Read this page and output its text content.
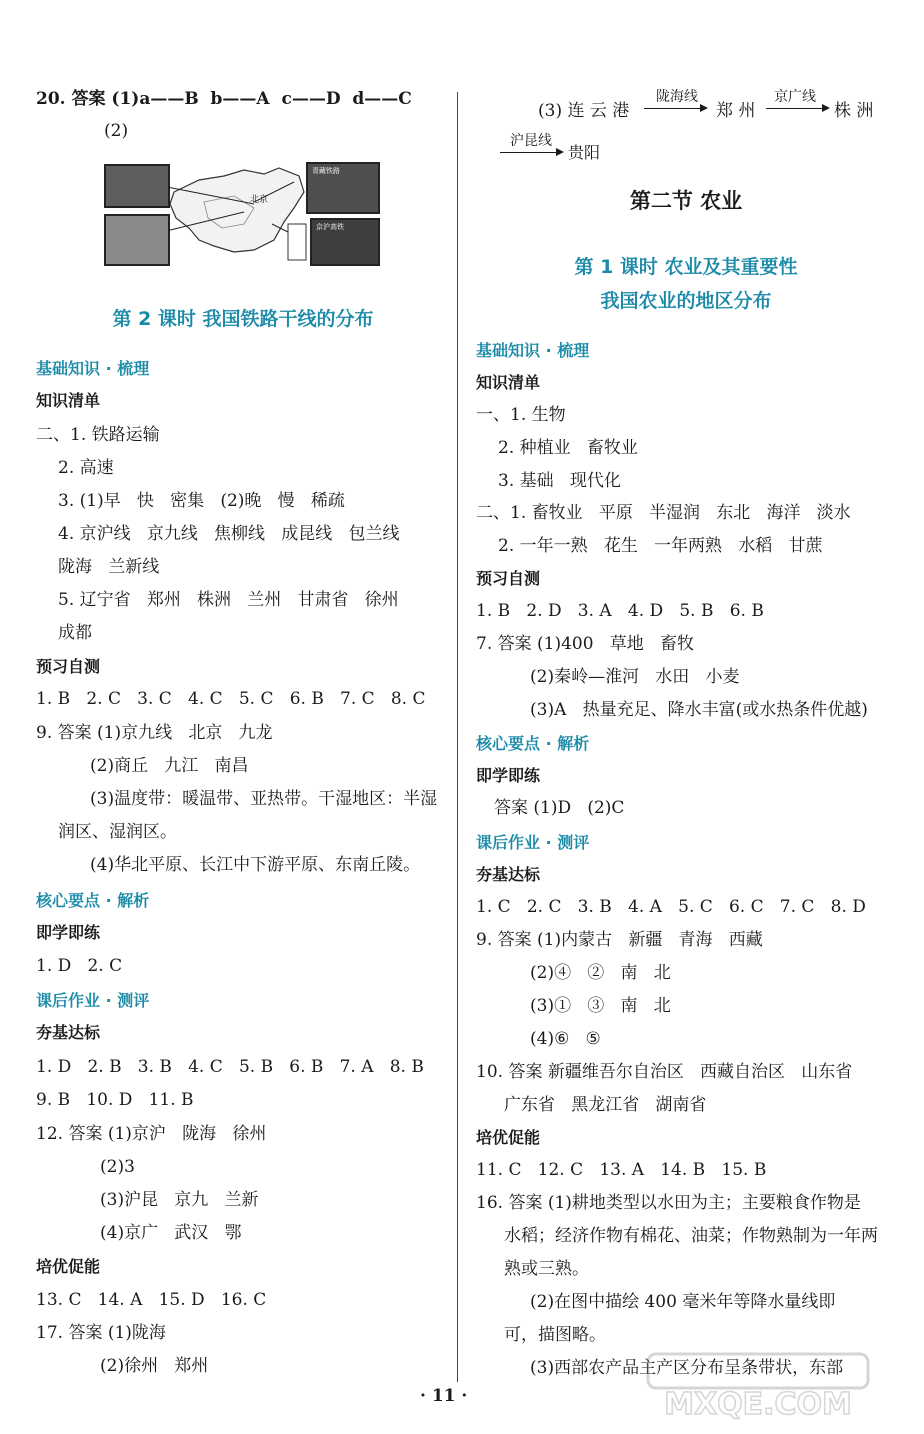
20. 答案 (1)a——B  b——A  c——D  d——C
(2)
青藏铁路
京沪高铁
北京
第 2 课时 我国铁路干线的分布
基础知识 · 梳理
知识清单
二、1. 铁路运输
2. 高速
3. (1)早   快   密集   (2)晚   慢   稀疏
4. 京沪线   京九线   焦柳线   成昆线   包兰线
陇海   兰新线
5. 辽宁省   郑州   株洲   兰州   甘肃省   徐州
成都
预习自测
1. B   2. C   3. C   4. C   5. C   6. B   7. C   8. C
9. 答案 (1)京九线   北京   九龙
(2)商丘   九江   南昌
(3)温度带：暖温带、亚热带。干湿地区：半湿
润区、湿润区。
(4)华北平原、长江中下游平原、东南丘陵。
核心要点 · 解析
即学即练
1. D   2. C
课后作业 · 测评
夯基达标
1. D   2. B   3. B   4. C   5. B   6. B   7. A   8. B
9. B   10. D   11. B
12. 答案 (1)京沪   陇海   徐州
(2)3
(3)沪昆   京九   兰新
(4)京广   武汉   鄂
培优促能
13. C   14. A   15. D   16. C
17. 答案 (1)陇海
(2)徐州   郑州
(3) 连 云 港
陇海线
郑 州
京广线
株 洲
沪昆线
贵阳
第二节 农业
第 1 课时 农业及其重要性
我国农业的地区分布
基础知识 · 梳理
知识清单
一、1. 生物
2. 种植业   畜牧业
3. 基础   现代化
二、1. 畜牧业   平原   半湿润   东北   海洋   淡水
2. 一年一熟   花生   一年两熟   水稻   甘蔗
预习自测
1. B   2. D   3. A   4. D   5. B   6. B
7. 答案 (1)400   草地   畜牧
(2)秦岭—淮河   水田   小麦
(3)A   热量充足、降水丰富(或水热条件优越)
核心要点 · 解析
即学即练
答案 (1)D   (2)C
课后作业 · 测评
夯基达标
1. C   2. C   3. B   4. A   5. C   6. C   7. C   8. D
9. 答案 (1)内蒙古   新疆   青海   西藏
(2)④   ②   南   北
(3)①   ③   南   北
(4)⑥   ⑤
10. 答案 新疆维吾尔自治区   西藏自治区   山东省
广东省   黑龙江省   湖南省
培优促能
11. C   12. C   13. A   14. B   15. B
16. 答案 (1)耕地类型以水田为主；主要粮食作物是
水稻；经济作物有棉花、油菜；作物熟制为一年两
熟或三熟。
(2)在图中描绘 400 毫米年等降水量线即
可，描图略。
(3)西部农产品主产区分布呈条带状，东部
· 11 ·	MXQE.COM
